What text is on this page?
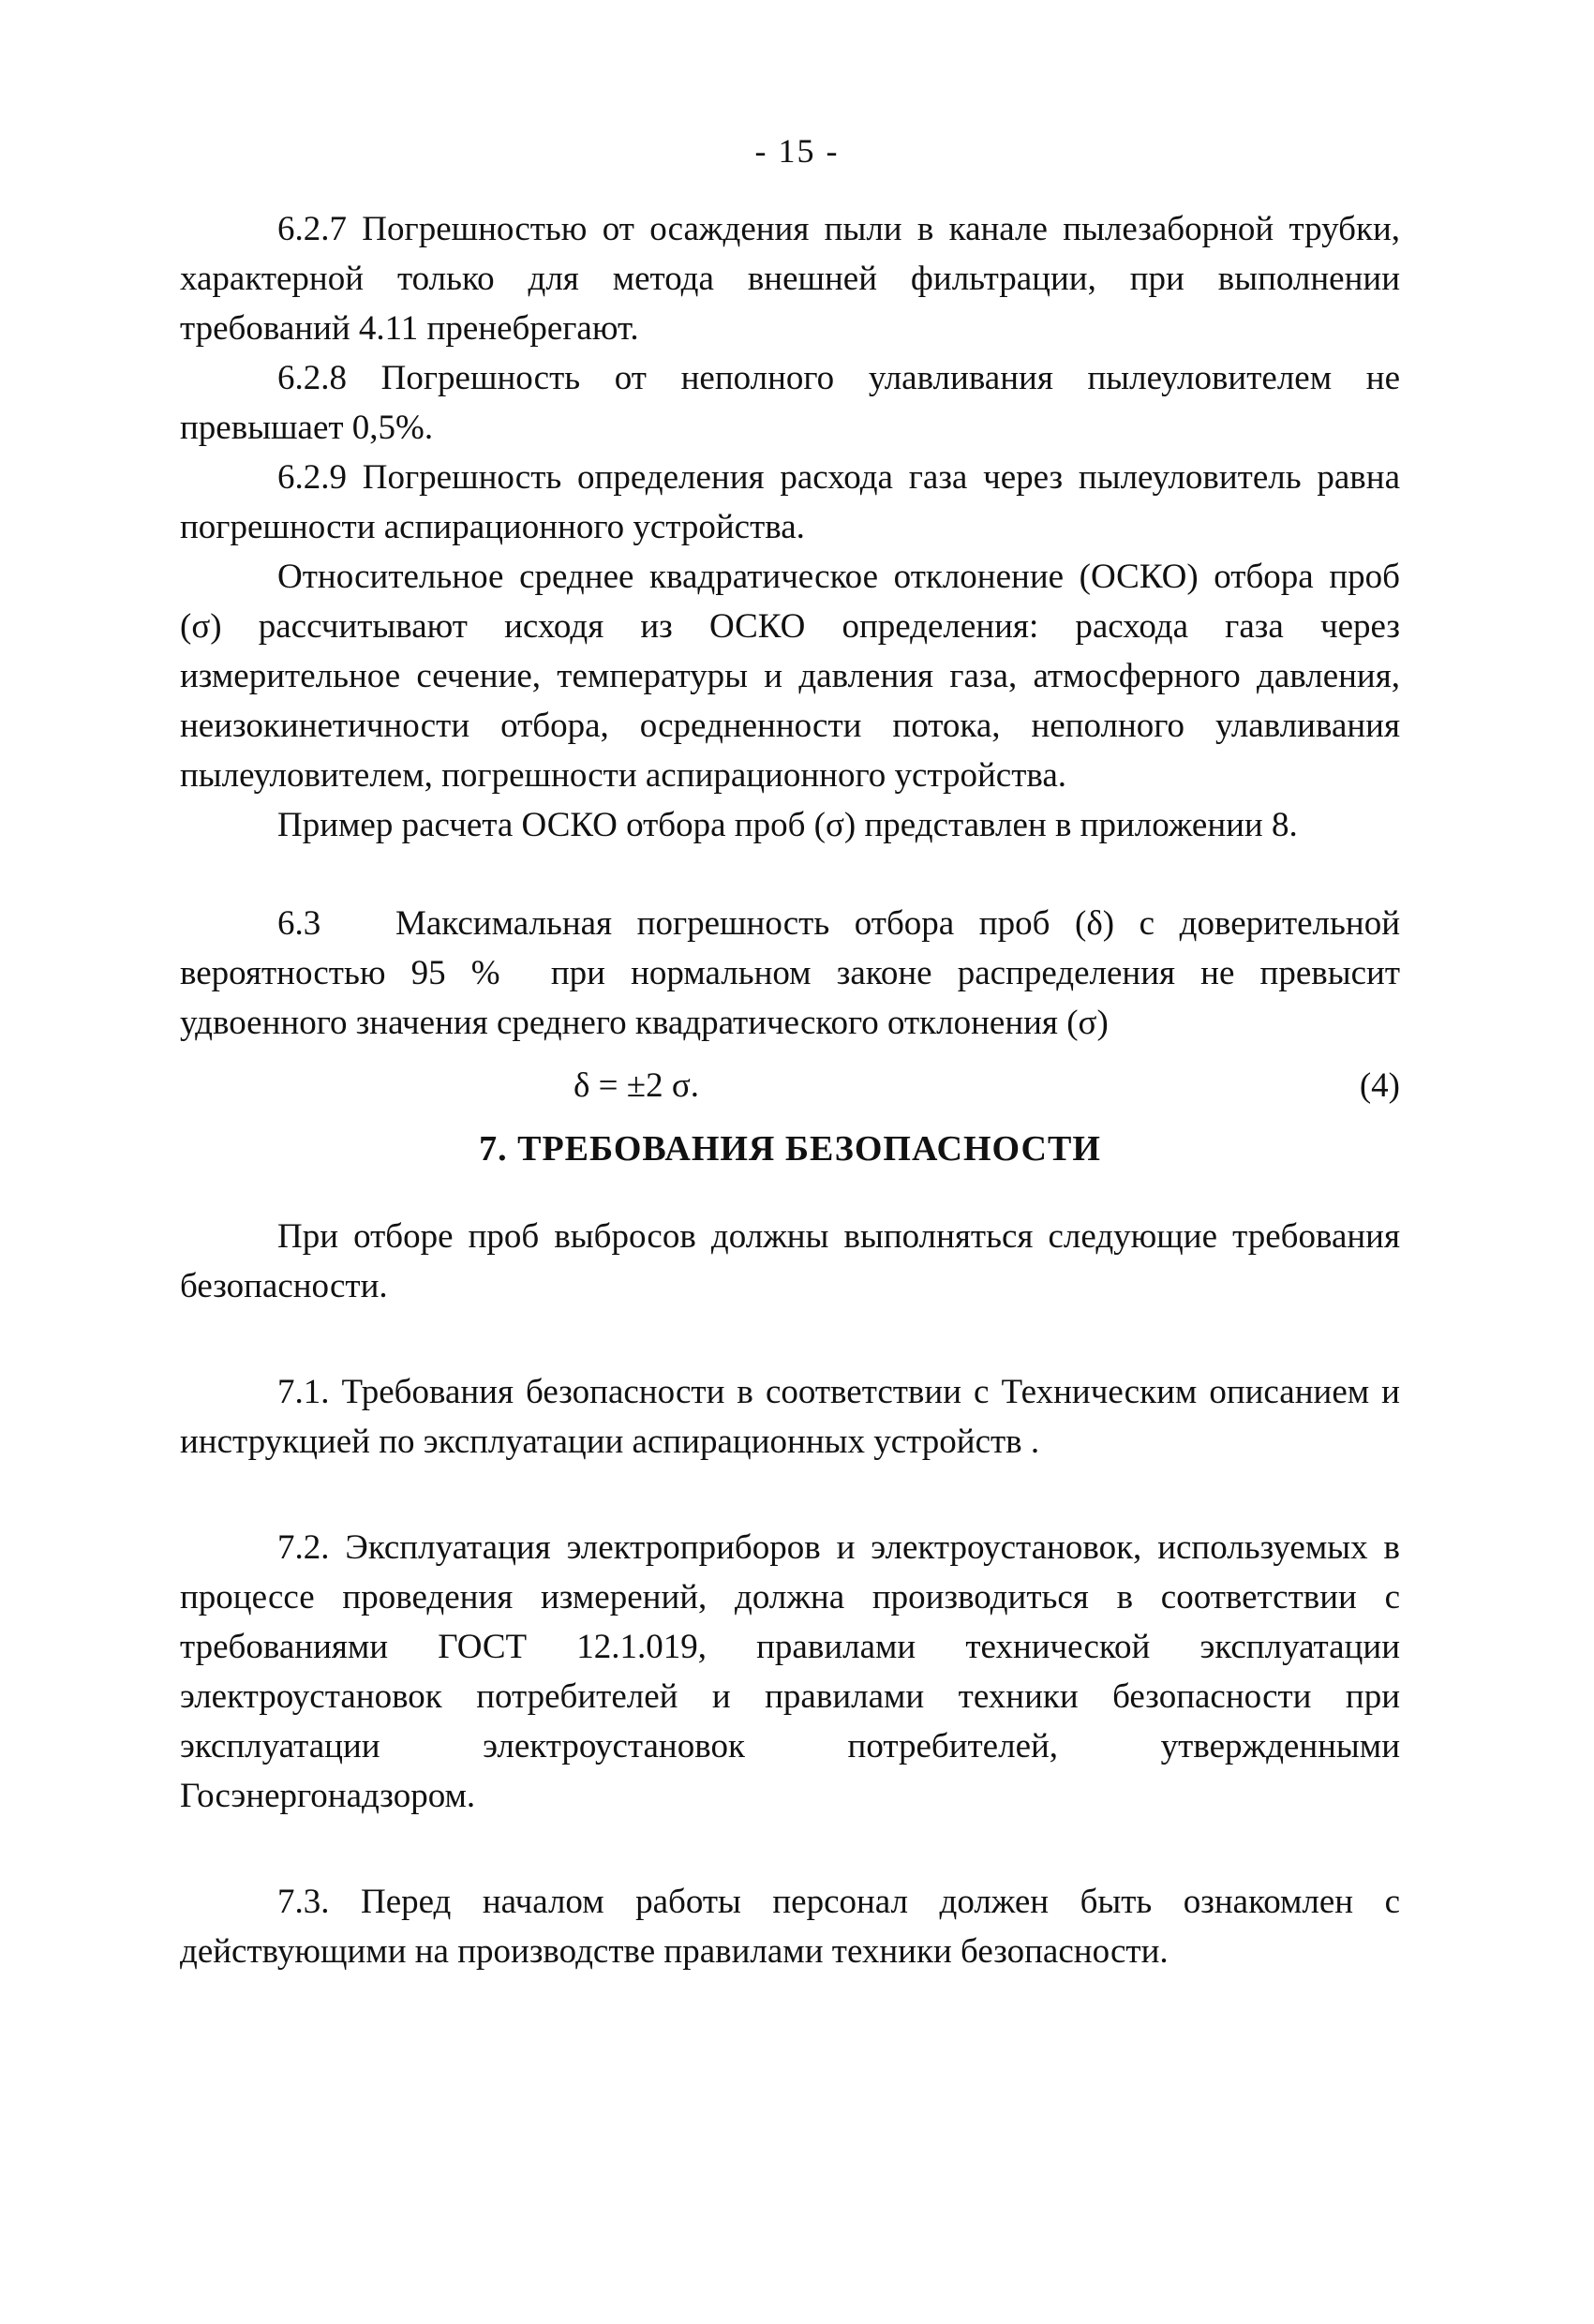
- 15 -

6.2.7 Погрешностью от осаждения пыли в канале пылезаборной трубки, характерной только для метода внешней фильтрации, при выполнении требований 4.11 пренебрегают.

6.2.8 Погрешность от неполного улавливания пылеуловителем не превышает 0,5%.

6.2.9 Погрешность определения расхода газа через пылеуловитель равна погрешности аспирационного устройства.

Относительное среднее квадратическое отклонение (ОСКО) отбора проб (σ) рассчитывают исходя из ОСКО определения: расхода газа через измерительное сечение, температуры и давления газа, атмосферного давления, неизокинетичности отбора, осредненности потока, неполного улавливания пылеуловителем, погрешности аспирационного устройства.

Пример расчета ОСКО отбора проб (σ) представлен в приложении 8.

6.3   Максимальная погрешность отбора проб (δ) с доверительной вероятностью 95 %  при нормальном законе распределения не превысит удвоенного значения среднего квадратического отклонения (σ)

δ = ±2 σ.	(4)
7. ТРЕБОВАНИЯ БЕЗОПАСНОСТИ

При отборе проб выбросов должны выполняться следующие требования безопасности.

7.1. Требования безопасности в соответствии с Техническим описанием и инструкцией по эксплуатации аспирационных устройств .

7.2. Эксплуатация электроприборов и электроустановок, используемых в процессе проведения измерений, должна производиться в соответствии с требованиями ГОСТ 12.1.019, правилами технической эксплуатации электроустановок потребителей и правилами техники безопасности при эксплуатации электроустановок потребителей, утвержденными Госэнергонадзором.

7.3. Перед началом работы персонал должен быть ознакомлен с действующими на производстве правилами техники безопасности.
